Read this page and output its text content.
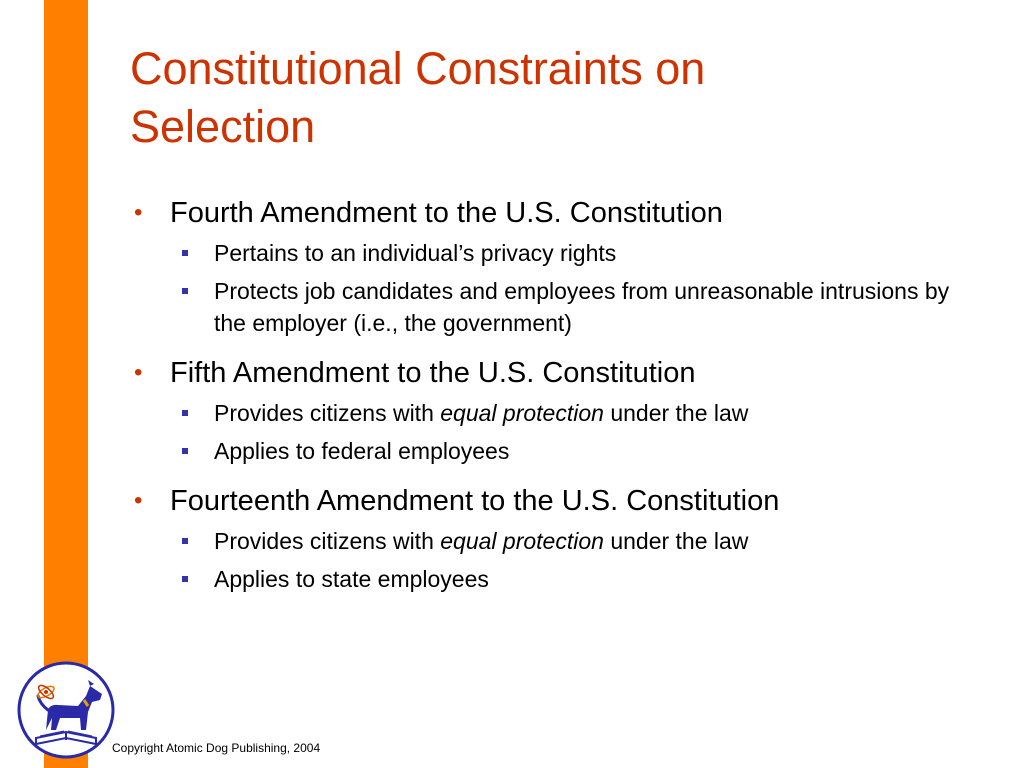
Constitutional Constraints on
Selection
• Fourth Amendment to the U.S. Constitution
Pertains to an individual’s privacy rights
Protects job candidates and employees from unreasonable intrusions by the employer (i.e., the government)
• Fifth Amendment to the U.S. Constitution
Provides citizens with equal protection under the law
Applies to federal employees
• Fourteenth Amendment to the U.S. Constitution
Provides citizens with equal protection under the law
Applies to state employees
Copyright Atomic Dog Publishing, 2004
